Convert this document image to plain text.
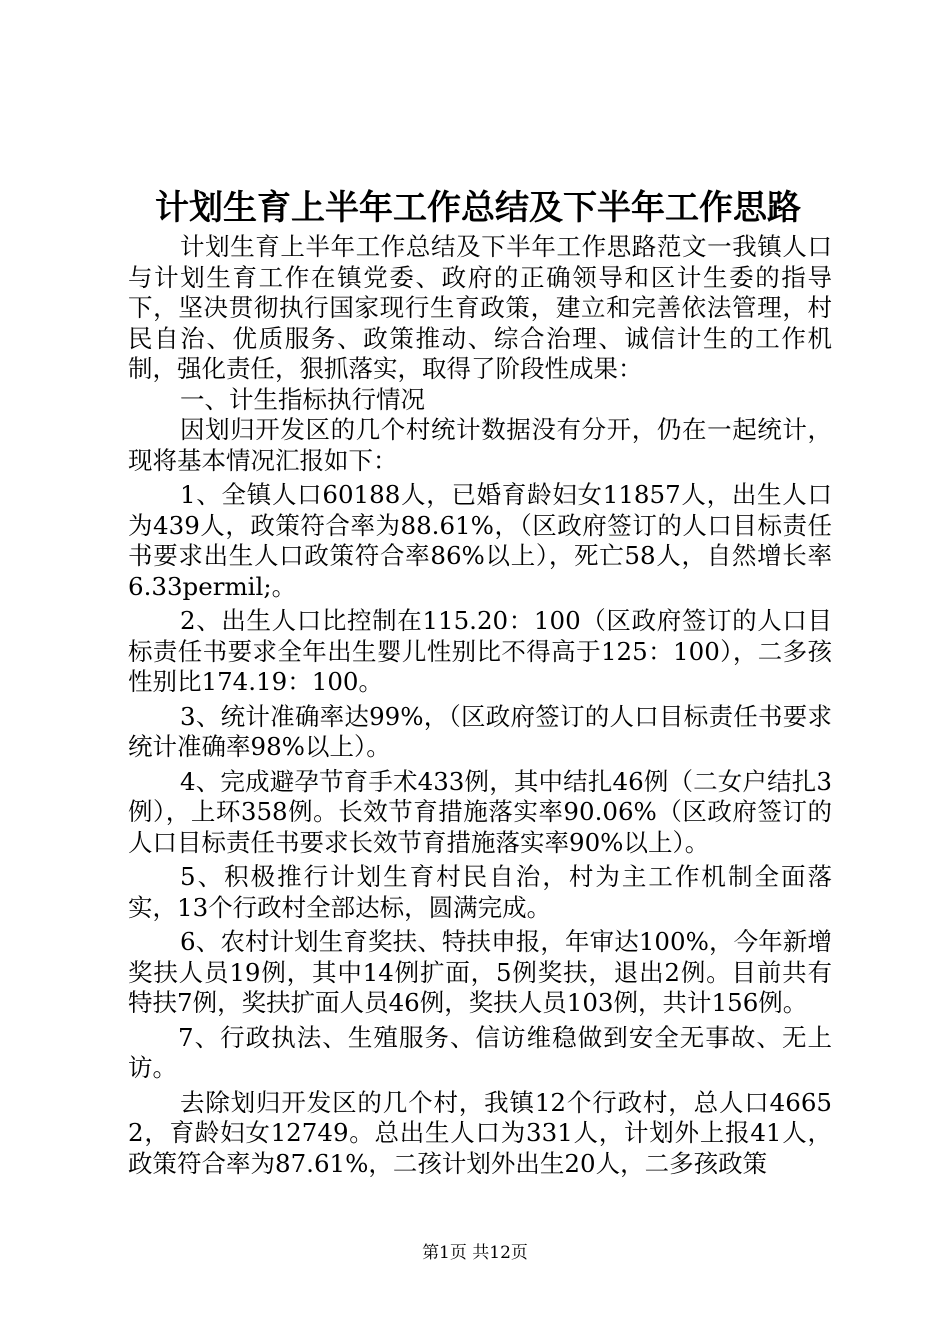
计划生育上半年工作总结及下半年工作思路

计划生育上半年工作总结及下半年工作思路范文一我镇人口与计划生育工作在镇党委、政府的正确领导和区计生委的指导下，坚决贯彻执行国家现行生育政策，建立和完善依法管理，村民自治、优质服务、政策推动、综合治理、诚信计生的工作机制，强化责任，狠抓落实，取得了阶段性成果：

一、计生指标执行情况

因划归开发区的几个村统计数据没有分开，仍在一起统计，现将基本情况汇报如下：

1、全镇人口60188人，已婚育龄妇女11857人，出生人口为439人，政策符合率为88.61%，（区政府签订的人口目标责任书要求出生人口政策符合率86%以上），死亡58人，自然增长率6.33permil;。

2、出生人口比控制在115.20：100（区政府签订的人口目标责任书要求全年出生婴儿性别比不得高于125：100），二多孩性别比174.19：100。

3、统计准确率达99%，（区政府签订的人口目标责任书要求统计准确率98%以上）。

4、完成避孕节育手术433例，其中结扎46例（二女户结扎3例），上环358例。长效节育措施落实率90.06%（区政府签订的人口目标责任书要求长效节育措施落实率90%以上）。

5、积极推行计划生育村民自治，村为主工作机制全面落实，13个行政村全部达标，圆满完成。

6、农村计划生育奖扶、特扶申报，年审达100%，今年新增奖扶人员19例，其中14例扩面，5例奖扶，退出2例。目前共有特扶7例，奖扶扩面人员46例，奖扶人员103例，共计156例。

7、行政执法、生殖服务、信访维稳做到安全无事故、无上访。

去除划归开发区的几个村，我镇12个行政村，总人口46652，育龄妇女12749。总出生人口为331人，计划外上报41人，政策符合率为87.61%，二孩计划外出生20人，二多孩政策

第1页 共12页
